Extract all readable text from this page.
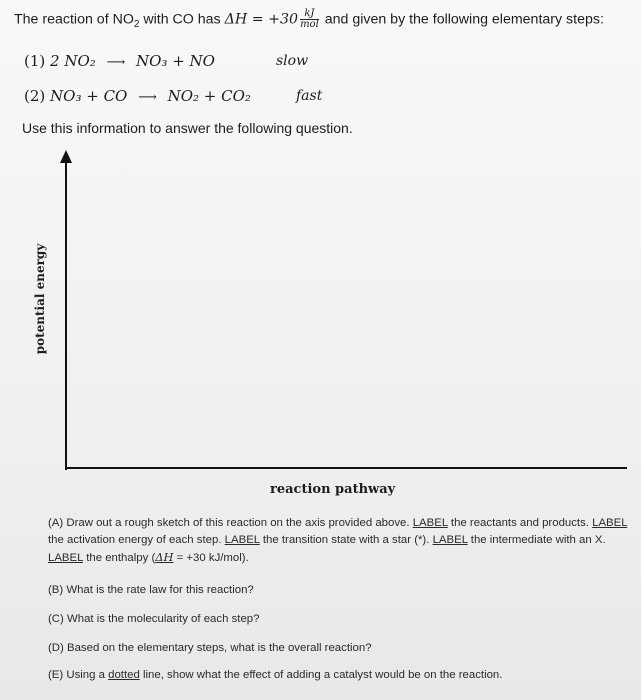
The reaction of $NO_2$ with CO has $\Delta H = +30 \frac{kJ}{\text{mol}}$ and given by the following elementary steps:
(1) 2 NO₂ ⟶ NO₃ + NO	slow
(2) NO₃ + CO ⟶ NO₂ + CO₂	fast
Use this information to answer the following question.
potential energy
reaction pathway
(A) Draw out a rough sketch of this reaction on the axis provided above. LABEL the reactants and products. LABEL the activation energy of each step. LABEL the transition state with a star (*). LABEL the intermediate with an X. LABEL the enthalpy (ΔH = +30 kJ/mol).
(B) What is the rate law for this reaction?
(C) What is the molecularity of each step?
(D) Based on the elementary steps, what is the overall reaction?
(E) Using a dotted line, show what the effect of adding a catalyst would be on the reaction.
